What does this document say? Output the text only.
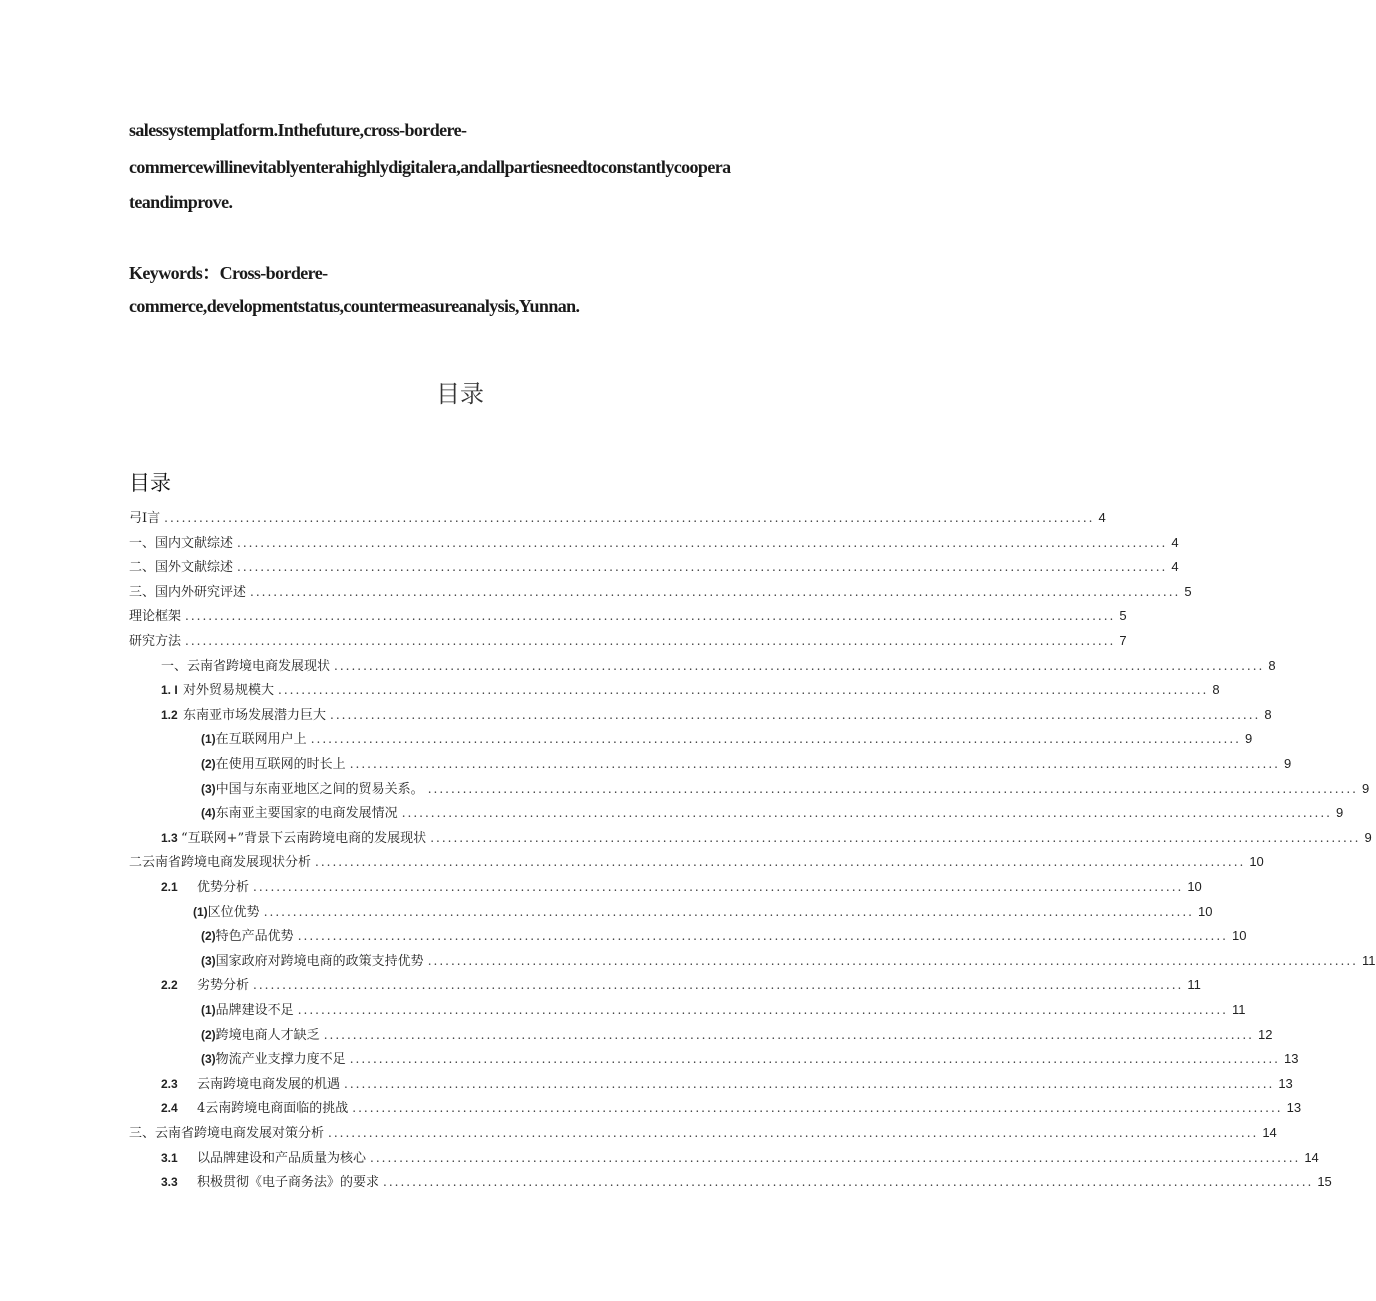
salessystemplatform.Inthefuture,cross-bordere-
commercewillinevitablyenterahighlydigitalera,andallpartiesneedtoconstantlycoopera
teandimprove.
Keywords：Cross-bordere-
commerce,developmentstatus,countermeasureanalysis,Yunnan.
目录
目录
弓I言 ................................................................................................................................................................ 4
一、国内文献综述 ................................................................................................................................................................ 4
二、国外文献综述 ................................................................................................................................................................ 4
三、国内外研究评述 ................................................................................................................................................................ 5
理论框架 ................................................................................................................................................................ 5
研究方法 ................................................................................................................................................................ 7
一、云南省跨境电商发展现状 ................................................................................................................................................................ 8
1. I 对外贸易规模大 ................................................................................................................................................................ 8
1.2 东南亚市场发展潜力巨大 ................................................................................................................................................................ 8
(1) 在互联网用户上 ................................................................................................................................................................ 9
(2) 在使用互联网的时长上 ................................................................................................................................................................ 9
(3) 中国与东南亚地区之间的贸易关系。 ................................................................................................................................................................ 9
(4) 东南亚主要国家的电商发展情况 ................................................................................................................................................................ 9
1.3 “互联网+”背景下云南跨境电商的发展现状 ................................................................................................................................................................ 9
二云南省跨境电商发展现状分析 ................................................................................................................................................................ 10
2.1	优势分析 ................................................................................................................................................................ 10
(1) 区位优势 ................................................................................................................................................................ 10
(2) 特色产品优势 ................................................................................................................................................................ 10
(3) 国家政府对跨境电商的政策支持优势 ................................................................................................................................................................ 11
2.2	劣势分析 ................................................................................................................................................................ 11
(1) 品牌建设不足 ................................................................................................................................................................ 11
(2) 跨境电商人才缺乏 ................................................................................................................................................................ 12
(3) 物流产业支撑力度不足 ................................................................................................................................................................ 13
2.3	云南跨境电商发展的机遇 ................................................................................................................................................................ 13
2.4	4云南跨境电商面临的挑战 ................................................................................................................................................................ 13
三、云南省跨境电商发展对策分析 ................................................................................................................................................................ 14
3.1	以品牌建设和产品质量为核心 ................................................................................................................................................................ 14
3.3	积极贯彻《电子商务法》的要求 ................................................................................................................................................................ 15
